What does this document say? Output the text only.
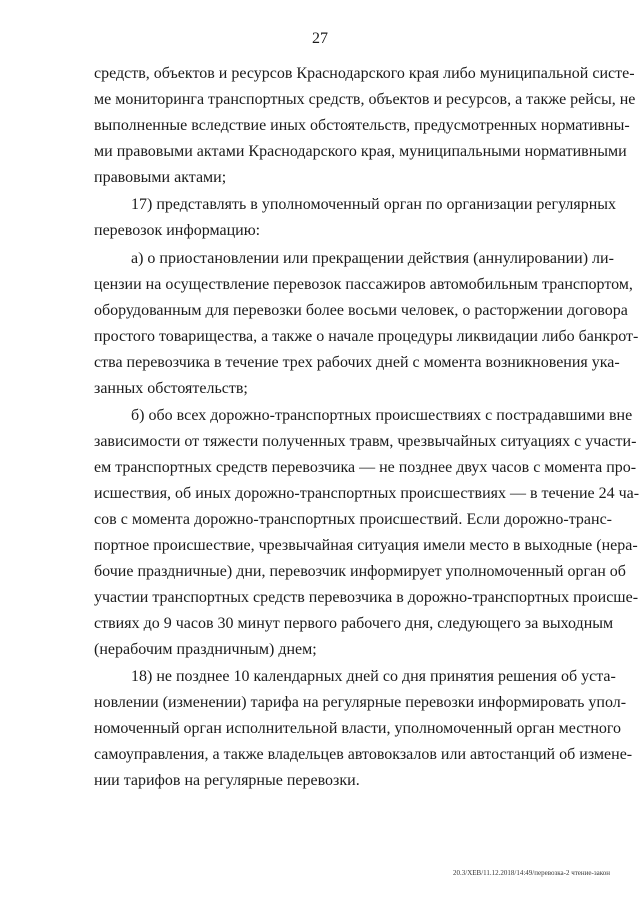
27
средств, объектов и ресурсов Краснодарского края либо муниципальной систе-
ме мониторинга транспортных средств, объектов и ресурсов, а также рейсы, не
выполненные вследствие иных обстоятельств, предусмотренных нормативны-
ми правовыми актами Краснодарского края, муниципальными нормативными
правовыми актами;
17) представлять в уполномоченный орган по организации регулярных
перевозок информацию:
а) о приостановлении или прекращении действия (аннулировании) ли-
цензии на осуществление перевозок пассажиров автомобильным транспортом,
оборудованным для перевозки более восьми человек, о расторжении договора
простого товарищества, а также о начале процедуры ликвидации либо банкрот-
ства перевозчика в течение трех рабочих дней с момента возникновения ука-
занных обстоятельств;
б) обо всех дорожно-транспортных происшествиях с пострадавшими вне
зависимости от тяжести полученных травм, чрезвычайных ситуациях с участи-
ем транспортных средств перевозчика — не позднее двух часов с момента про-
исшествия, об иных дорожно-транспортных происшествиях — в течение 24 ча-
сов с момента дорожно-транспортных происшествий. Если дорожно-транс-
портное происшествие, чрезвычайная ситуация имели место в выходные (нера-
бочие праздничные) дни, перевозчик информирует уполномоченный орган об
участии транспортных средств перевозчика в дорожно-транспортных происше-
ствиях до 9 часов 30 минут первого рабочего дня, следующего за выходным
(нерабочим праздничным) днем;
18) не позднее 10 календарных дней со дня принятия решения об уста-
новлении (изменении) тарифа на регулярные перевозки информировать упол-
номоченный орган исполнительной власти, уполномоченный орган местного
самоуправления, а также владельцев автовокзалов или автостанций об измене-
нии тарифов на регулярные перевозки.
20.3/ХЕВ/11.12.2018/14:49/перевозка-2 чтение-закон
